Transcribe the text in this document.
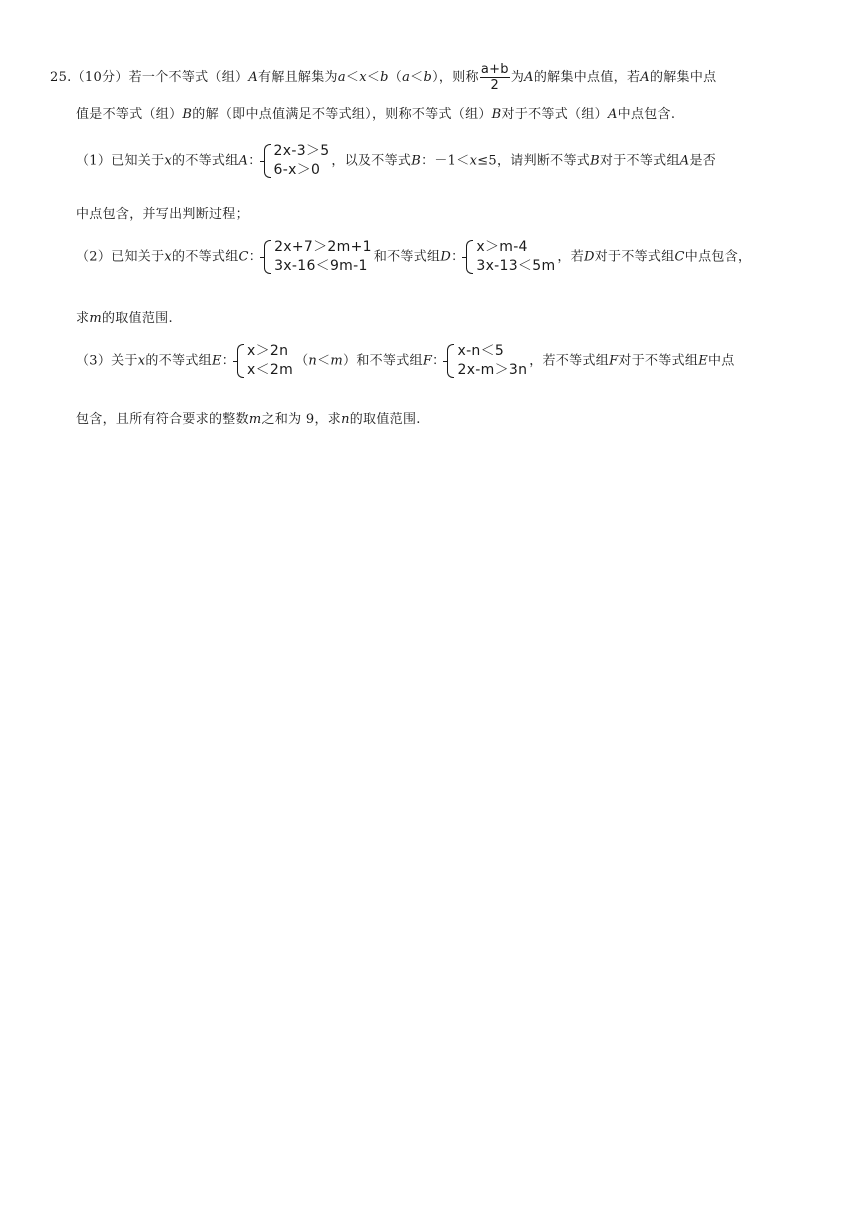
25.（10分）若一个不等式（组）A有解且解集为a＜x＜b（a＜b），则称 $\frac{a+b}{2}$ 为A的解集中点值，若A的解集中点
值是不等式（组）B的解（即中点值满足不等式组），则称不等式（组）B对于不等式（组）A中点包含.
（1）已知关于x的不等式组A：
2x-3＞5
6-x＞0
，以及不等式B：－1＜x≤5，请判断不等式B对于不等式组A是否
中点包含，并写出判断过程；
（2）已知关于x的不等式组C：
2x+7＞2m+1
3x-16＜9m-1
和不等式组D：
x＞m-4
3x-13＜5m
，若D对于不等式组C中点包含，
求m的取值范围.
（3）关于x的不等式组E：
x＞2n
x＜2m
（n＜m）和不等式组F：
x-n＜5
2x-m＞3n
，若不等式组F对于不等式组E中点
包含，且所有符合要求的整数m之和为 9，求n的取值范围.
